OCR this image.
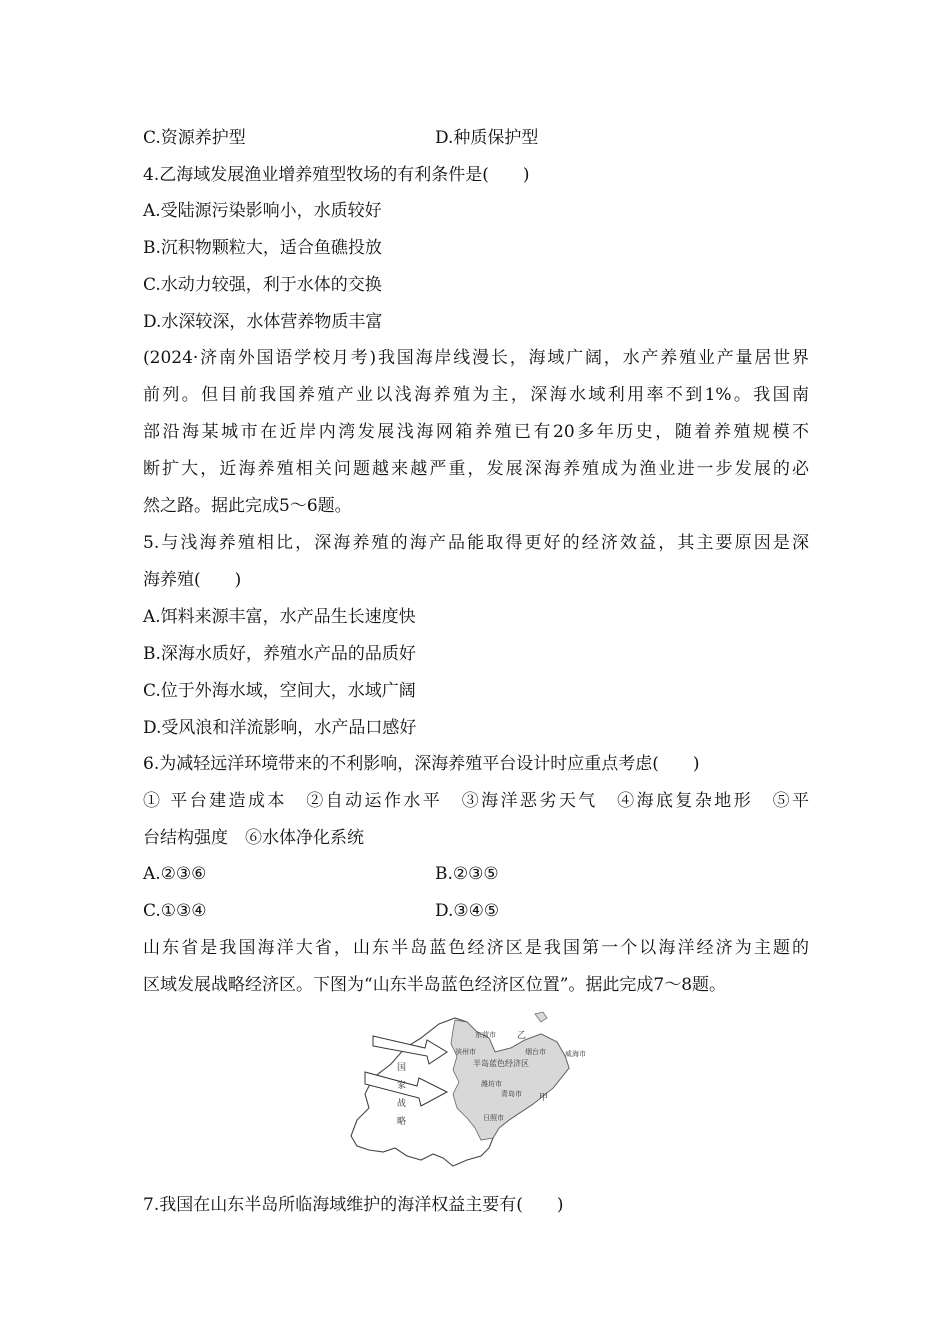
C.资源养护型	D.种质保护型
4.乙海域发展渔业增养殖型牧场的有利条件是(　　)
A.受陆源污染影响小，水质较好
B.沉积物颗粒大，适合鱼礁投放
C.水动力较强，利于水体的交换
D.水深较深，水体营养物质丰富
(2024·济南外国语学校月考)我国海岸线漫长，海域广阔，水产养殖业产量居世界
前列。但目前我国养殖产业以浅海养殖为主，深海水域利用率不到1%。我国南
部沿海某城市在近岸内湾发展浅海网箱养殖已有20多年历史，随着养殖规模不
断扩大，近海养殖相关问题越来越严重，发展深海养殖成为渔业进一步发展的必
然之路。据此完成5～6题。
5.与浅海养殖相比，深海养殖的海产品能取得更好的经济效益，其主要原因是深
海养殖(　　)
A.饵料来源丰富，水产品生长速度快
B.深海水质好，养殖水产品的品质好
C.位于外海水域，空间大，水域广阔
D.受风浪和洋流影响，水产品口感好
6.为减轻远洋环境带来的不利影响，深海养殖平台设计时应重点考虑(　　)
① 平台建造成本　②自动运作水平　③海洋恶劣天气　④海底复杂地形　⑤平
台结构强度　⑥水体净化系统
A.②③⑥	B.②③⑤
C.①③④	D.③④⑤
山东省是我国海洋大省，山东半岛蓝色经济区是我国第一个以海洋经济为主题的
区域发展战略经济区。下图为“山东半岛蓝色经济区位置”。据此完成7～8题。
国
家
战
略
东营市
滨州市	烟台市	威海市
半岛蓝色经济区
潍坊市
青岛市
日照市
甲
乙
7.我国在山东半岛所临海域维护的海洋权益主要有(　　)
